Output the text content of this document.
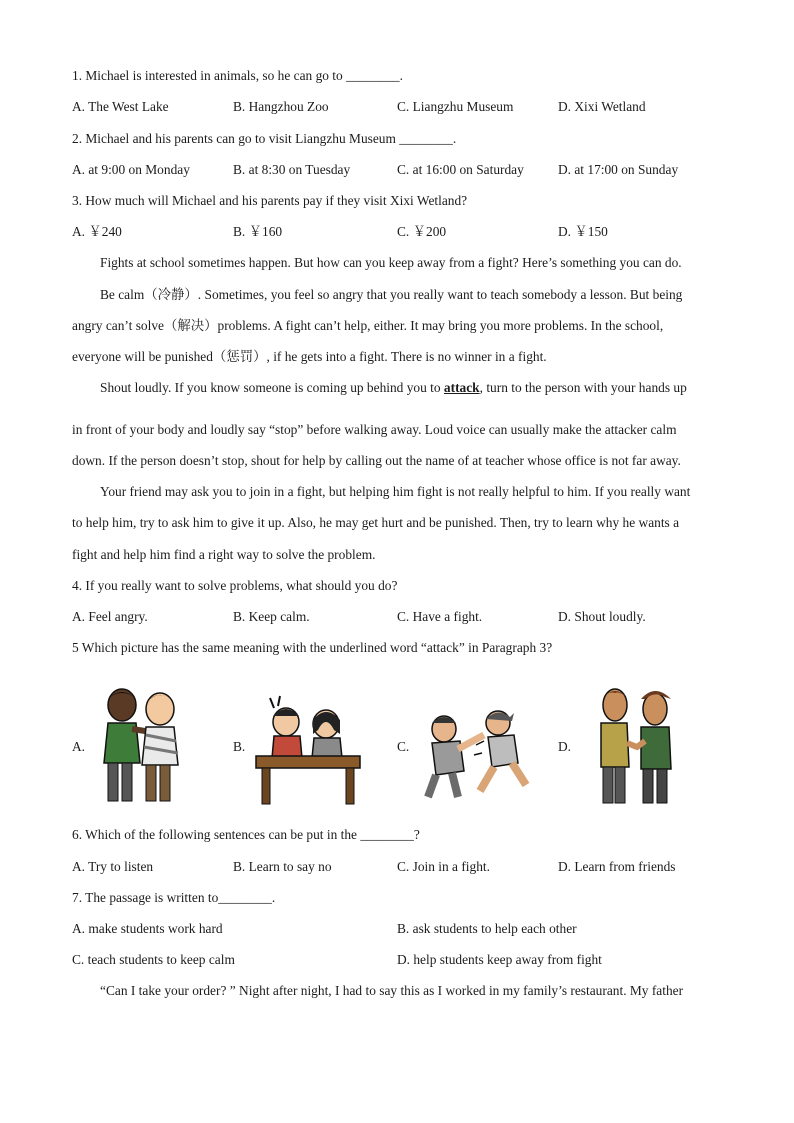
1. Michael is interested in animals, so he can go to ________.
A. The West Lake	B. Hangzhou Zoo	C. Liangzhu Museum	D. Xixi Wetland
2. Michael and his parents can go to visit Liangzhu Museum ________.
A. at 9:00 on Monday	B. at 8:30 on Tuesday	C. at 16:00 on Saturday	D. at 17:00 on Sunday
3. How much will Michael and his parents pay if they visit Xixi Wetland?
A. ￥240	B. ￥160	C. ￥200	D. ￥150
Fights at school sometimes happen. But how can you keep away from a fight? Here’s something you can do.
Be calm（冷静）. Sometimes, you feel so angry that you really want to teach somebody a lesson. But being
angry can’t solve（解决）problems. A fight can’t help, either. It may bring you more problems. In the school,
everyone will be punished（惩罚）, if he gets into a fight. There is no winner in a fight.
Shout loudly. If you know someone is coming up behind you to attack, turn to the person with your hands up
in front of your body and loudly say “stop” before walking away. Loud voice can usually make the attacker calm
down. If the person doesn’t stop, shout for help by calling out the name of at teacher whose office is not far away.
Your friend may ask you to join in a fight, but helping him fight is not really helpful to him. If you really want
to help him, try to ask him to give it up. Also, he may get hurt and be punished. Then, try to learn why he wants a
fight and help him find a right way to solve the problem.
4. If you really want to solve problems, what should you do?
A. Feel angry.	B. Keep calm.	C. Have a fight.	D. Shout loudly.
5 Which picture has the same meaning with the underlined word “attack” in Paragraph 3?
A.	B.	C.	D.
6. Which of the following sentences can be put in the ________?
A. Try to listen	B. Learn to say no	C. Join in a fight.	D. Learn from friends
7. The passage is written to________.
A. make students work hard	B. ask students to help each other
C. teach students to keep calm	D. help students keep away from fight
“Can I take your order? ” Night after night, I had to say this as I worked in my family’s restaurant. My father
